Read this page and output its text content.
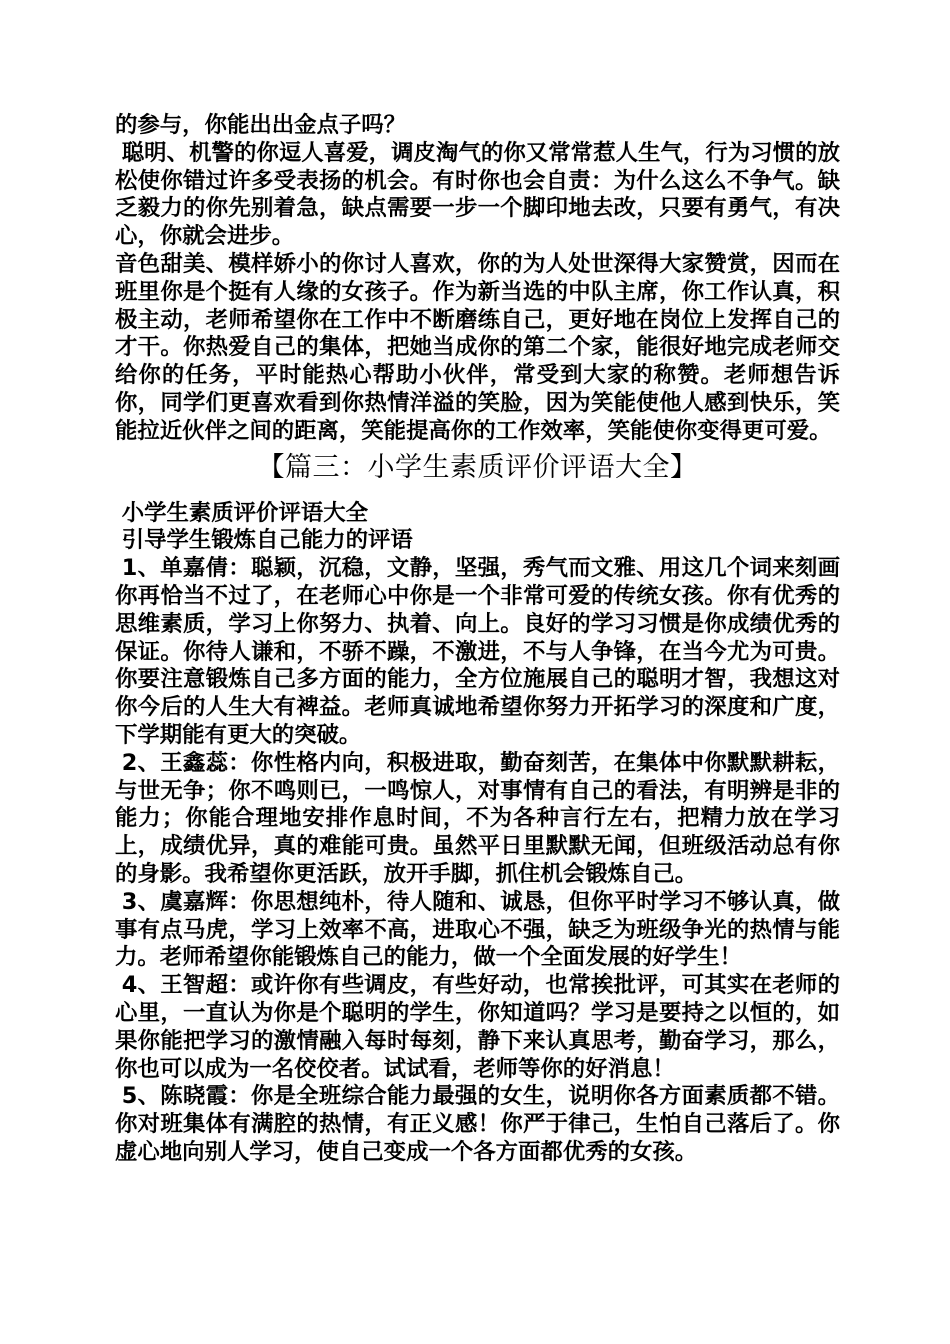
的参与，你能出出金点子吗？

聪明、机警的你逗人喜爱，调皮淘气的你又常常惹人生气，行为习惯的放松使你错过许多受表扬的机会。有时你也会自责：为什么这么不争气。缺乏毅力的你先别着急，缺点需要一步一个脚印地去改，只要有勇气，有决心，你就会进步。

音色甜美、模样娇小的你讨人喜欢，你的为人处世深得大家赞赏，因而在班里你是个挺有人缘的女孩子。作为新当选的中队主席，你工作认真，积极主动，老师希望你在工作中不断磨练自己，更好地在岗位上发挥自己的才干。你热爱自己的集体，把她当成你的第二个家，能很好地完成老师交给你的任务，平时能热心帮助小伙伴，常受到大家的称赞。老师想告诉你，同学们更喜欢看到你热情洋溢的笑脸，因为笑能使他人感到快乐，笑能拉近伙伴之间的距离，笑能提高你的工作效率，笑能使你变得更可爱。

【篇三：小学生素质评价评语大全】

小学生素质评价评语大全

引导学生锻炼自己能力的评语

1、单嘉倩：聪颖，沉稳，文静，坚强，秀气而文雅、用这几个词来刻画你再恰当不过了，在老师心中你是一个非常可爱的传统女孩。你有优秀的思维素质，学习上你努力、执着、向上。良好的学习习惯是你成绩优秀的保证。你待人谦和，不骄不躁，不激进，不与人争锋，在当今尤为可贵。你要注意锻炼自己多方面的能力，全方位施展自己的聪明才智，我想这对你今后的人生大有裨益。老师真诚地希望你努力开拓学习的深度和广度，下学期能有更大的突破。

2、王鑫蕊：你性格内向，积极进取，勤奋刻苦，在集体中你默默耕耘，与世无争；你不鸣则已，一鸣惊人，对事情有自己的看法，有明辨是非的能力；你能合理地安排作息时间，不为各种言行左右，把精力放在学习上，成绩优异，真的难能可贵。虽然平日里默默无闻，但班级活动总有你的身影。我希望你更活跃，放开手脚，抓住机会锻炼自己。

3、虞嘉辉：你思想纯朴，待人随和、诚恳，但你平时学习不够认真，做事有点马虎，学习上效率不高，进取心不强，缺乏为班级争光的热情与能力。老师希望你能锻炼自己的能力，做一个全面发展的好学生！

4、王智超：或许你有些调皮，有些好动，也常挨批评，可其实在老师的心里，一直认为你是个聪明的学生，你知道吗？学习是要持之以恒的，如果你能把学习的激情融入每时每刻，静下来认真思考，勤奋学习，那么，你也可以成为一名佼佼者。试试看，老师等你的好消息！

5、陈晓霞：你是全班综合能力最强的女生，说明你各方面素质都不错。你对班集体有满腔的热情，有正义感！你严于律己，生怕自己落后了。你虚心地向别人学习，使自己变成一个各方面都优秀的女孩。
